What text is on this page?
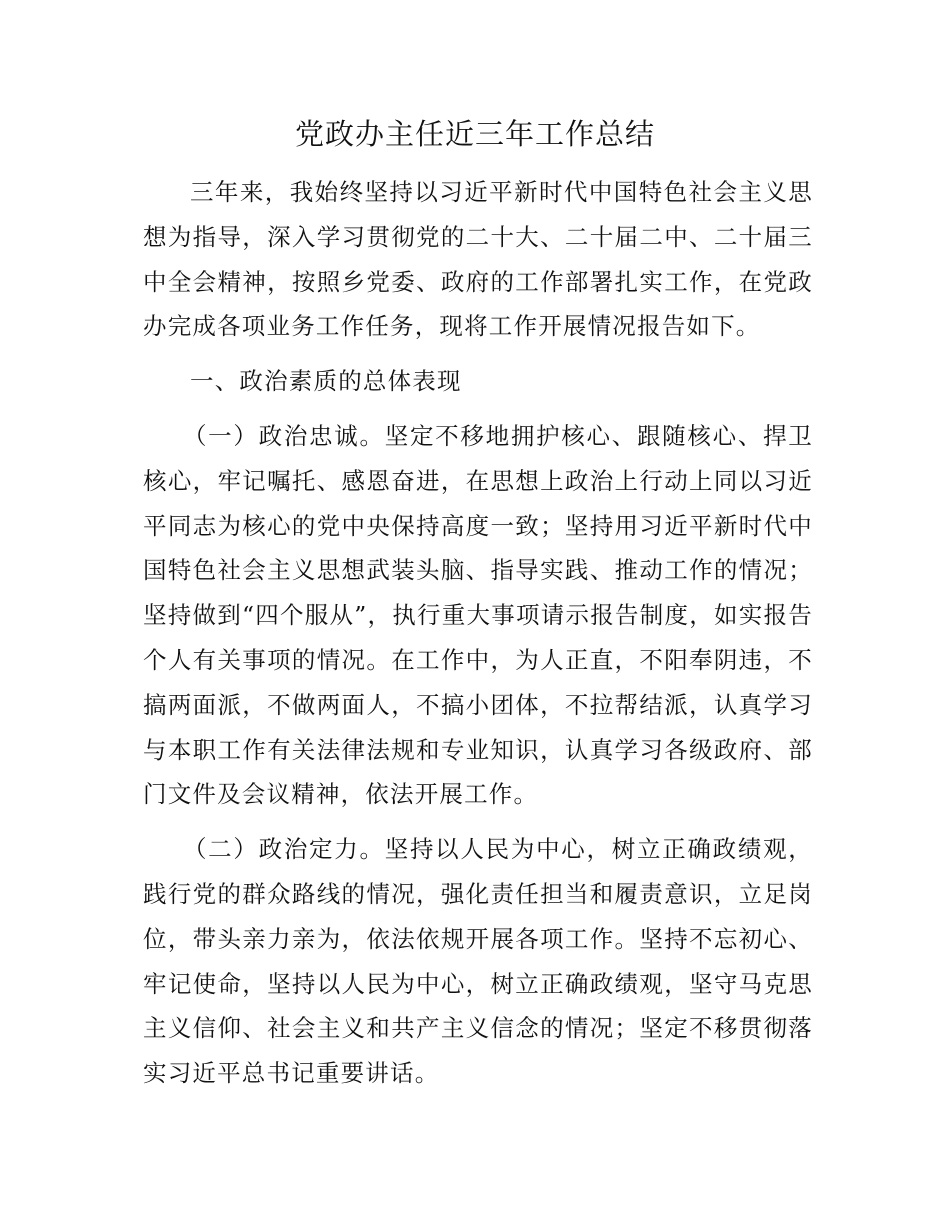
党政办主任近三年工作总结

三年来，我始终坚持以习近平新时代中国特色社会主义思想为指导，深入学习贯彻党的二十大、二十届二中、二十届三中全会精神，按照乡党委、政府的工作部署扎实工作，在党政办完成各项业务工作任务，现将工作开展情况报告如下。

一、政治素质的总体表现

（一）政治忠诚。坚定不移地拥护核心、跟随核心、捍卫核心，牢记嘱托、感恩奋进，在思想上政治上行动上同以习近平同志为核心的党中央保持高度一致；坚持用习近平新时代中国特色社会主义思想武装头脑、指导实践、推动工作的情况；坚持做到“四个服从”，执行重大事项请示报告制度，如实报告个人有关事项的情况。在工作中，为人正直，不阳奉阴违，不搞两面派，不做两面人，不搞小团体，不拉帮结派，认真学习与本职工作有关法律法规和专业知识，认真学习各级政府、部门文件及会议精神，依法开展工作。

（二）政治定力。坚持以人民为中心，树立正确政绩观，践行党的群众路线的情况，强化责任担当和履责意识，立足岗位，带头亲力亲为，依法依规开展各项工作。坚持不忘初心、牢记使命，坚持以人民为中心，树立正确政绩观，坚守马克思主义信仰、社会主义和共产主义信念的情况；坚定不移贯彻落实习近平总书记重要讲话。
